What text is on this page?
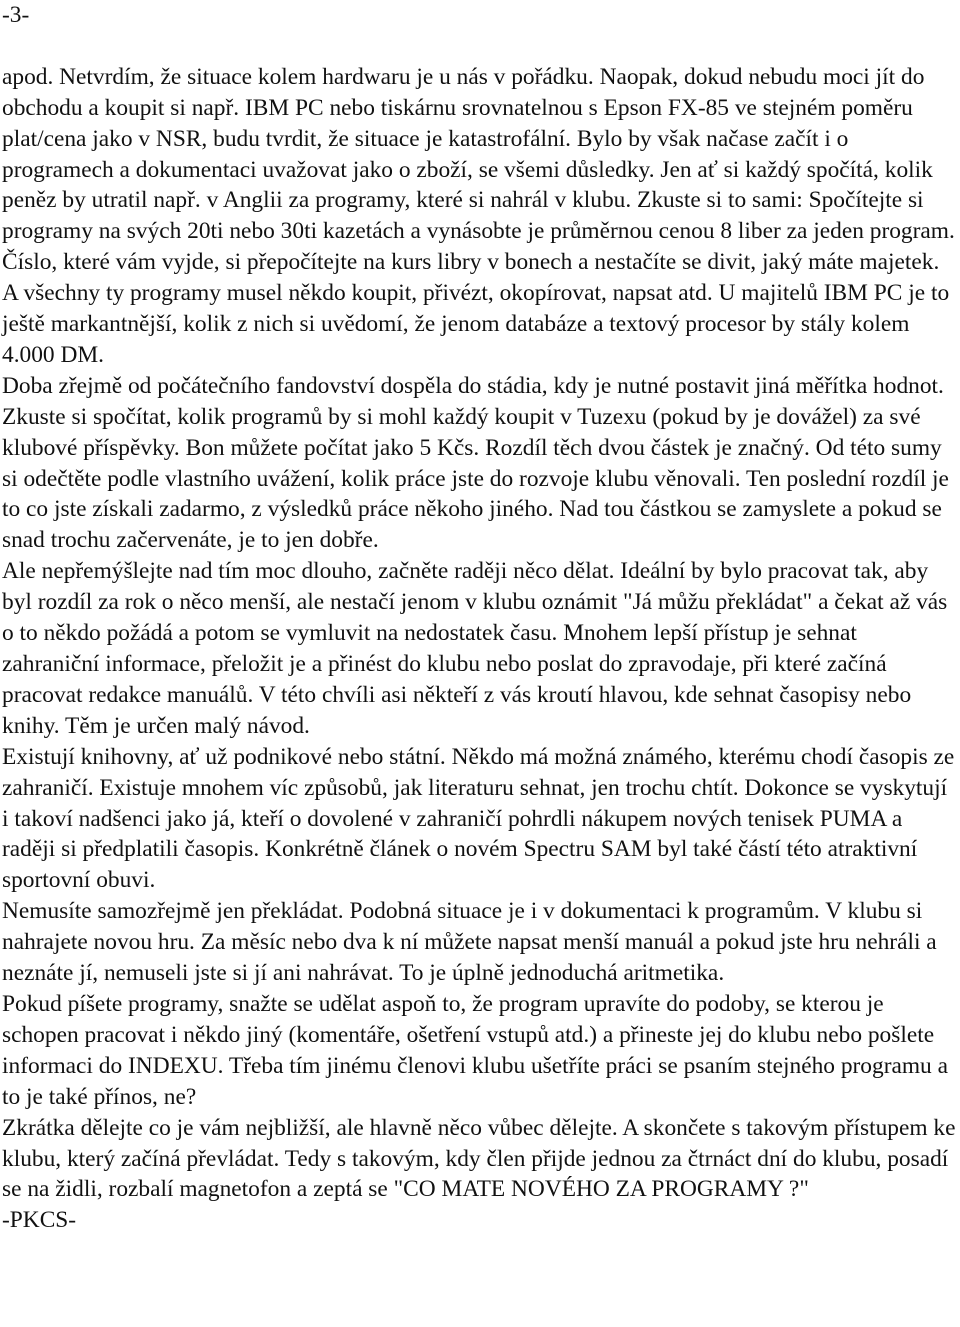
-3-

apod. Netvrdím, že situace kolem hardwaru je u nás v pořádku. Naopak, dokud nebudu moci jít do obchodu a koupit si např. IBM PC nebo tiskárnu srovnatelnou s Epson FX-85 ve stejném poměru plat/cena jako v NSR, budu tvrdit, že situace je katastrofální. Bylo by však načase začít i o programech a dokumentaci uvažovat jako o zboží, se všemi důsledky. Jen ať si každý spočítá, kolik peněz by utratil např. v Anglii za programy, které si nahrál v klubu. Zkuste si to sami: Spočítejte si programy na svých 20ti nebo 30ti kazetách a vynásobte je průměrnou cenou 8 liber za jeden program. Číslo, které vám vyjde, si přepočítejte na kurs libry v bonech a nestačíte se divit, jaký máte majetek. A všechny ty programy musel někdo koupit, přivézt, okopírovat, napsat atd. U majitelů IBM PC je to ještě markantnější, kolik z nich si uvědomí, že jenom databáze a textový procesor by stály kolem 4.000 DM.

Doba zřejmě od počátečního fandovství dospěla do stádia, kdy je nutné postavit jiná měřítka hodnot. Zkuste si spočítat, kolik programů by si mohl každý koupit v Tuzexu (pokud by je dovážel) za své klubové příspěvky. Bon můžete počítat jako 5 Kčs. Rozdíl těch dvou částek je značný. Od této sumy si odečtěte podle vlastního uvážení, kolik práce jste do rozvoje klubu věnovali. Ten poslední rozdíl je to co jste získali zadarmo, z výsledků práce někoho jiného. Nad tou částkou se zamyslete a pokud se snad trochu začervenáte, je to jen dobře.

Ale nepřemýšlejte nad tím moc dlouho, začněte raději něco dělat. Ideální by bylo pracovat tak, aby byl rozdíl za rok o něco menší, ale nestačí jenom v klubu oznámit "Já můžu překládat" a čekat až vás o to někdo požádá a potom se vymluvit na nedostatek času. Mnohem lepší přístup je sehnat zahraniční informace, přeložit je a přinést do klubu nebo poslat do zpravodaje, při které začíná pracovat redakce manuálů. V této chvíli asi někteří z vás kroutí hlavou, kde sehnat časopisy nebo knihy. Těm je určen malý návod.

Existují knihovny, ať už podnikové nebo státní. Někdo má možná známého, kterému chodí časopis ze zahraničí. Existuje mnohem víc způsobů, jak literaturu sehnat, jen trochu chtít. Dokonce se vyskytují i takoví nadšenci jako já, kteří o dovolené v zahraničí pohrdli nákupem nových tenisek PUMA a raději si předplatili časopis. Konkrétně článek o novém Spectru SAM byl také částí této atraktivní sportovní obuvi.

Nemusíte samozřejmě jen překládat. Podobná situace je i v dokumentaci k programům. V klubu si nahrajete novou hru. Za měsíc nebo dva k ní můžete napsat menší manuál a pokud jste hru nehráli a neznáte jí, nemuseli jste si jí ani nahrávat. To je úplně jednoduchá aritmetika.

Pokud píšete programy, snažte se udělat aspoň to, že program upravíte do podoby, se kterou je schopen pracovat i někdo jiný (komentáře, ošetření vstupů atd.) a přineste jej do klubu nebo pošlete informaci do INDEXU. Třeba tím jinému členovi klubu ušetříte práci se psaním stejného programu a to je také přínos, ne?

Zkrátka dělejte co je vám nejbližší, ale hlavně něco vůbec dělejte. A skončete s takovým přístupem ke klubu, který začíná převládat. Tedy s takovým, kdy člen přijde jednou za čtrnáct dní do klubu, posadí se na židli, rozbalí magnetofon a zeptá se "CO MATE NOVÉHO ZA PROGRAMY ?"

-PKCS-
